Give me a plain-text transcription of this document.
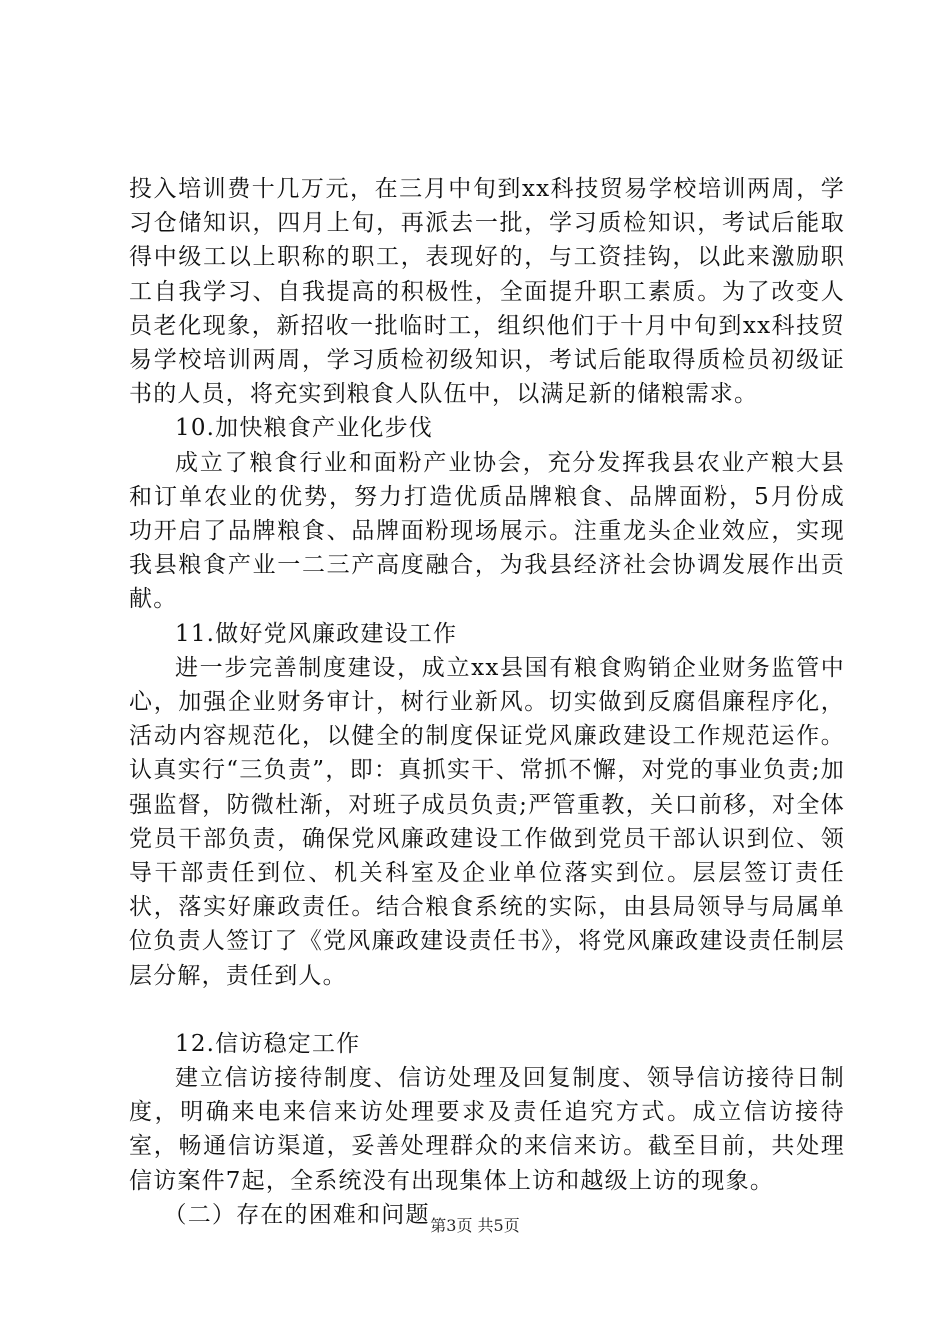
投入培训费十几万元，在三月中旬到xx科技贸易学校培训两周，学习仓储知识，四月上旬，再派去一批，学习质检知识，考试后能取得中级工以上职称的职工，表现好的，与工资挂钩，以此来激励职工自我学习、自我提高的积极性，全面提升职工素质。为了改变人员老化现象，新招收一批临时工，组织他们于十月中旬到xx科技贸易学校培训两周，学习质检初级知识，考试后能取得质检员初级证书的人员，将充实到粮食人队伍中，以满足新的储粮需求。

10.加快粮食产业化步伐

成立了粮食行业和面粉产业协会，充分发挥我县农业产粮大县和订单农业的优势，努力打造优质品牌粮食、品牌面粉，5月份成功开启了品牌粮食、品牌面粉现场展示。注重龙头企业效应，实现我县粮食产业一二三产高度融合，为我县经济社会协调发展作出贡献。

11.做好党风廉政建设工作

进一步完善制度建设，成立xx县国有粮食购销企业财务监管中心，加强企业财务审计，树行业新风。切实做到反腐倡廉程序化，活动内容规范化，以健全的制度保证党风廉政建设工作规范运作。认真实行“三负责”，即：真抓实干、常抓不懈，对党的事业负责;加强监督，防微杜渐，对班子成员负责;严管重教，关口前移，对全体党员干部负责，确保党风廉政建设工作做到党员干部认识到位、领导干部责任到位、机关科室及企业单位落实到位。层层签订责任状，落实好廉政责任。结合粮食系统的实际，由县局领导与局属单位负责人签订了《党风廉政建设责任书》，将党风廉政建设责任制层层分解，责任到人。

12.信访稳定工作

建立信访接待制度、信访处理及回复制度、领导信访接待日制度，明确来电来信来访处理要求及责任追究方式。成立信访接待室，畅通信访渠道，妥善处理群众的来信来访。截至目前，共处理信访案件7起，全系统没有出现集体上访和越级上访的现象。

（二）存在的困难和问题 第3页 共5页
